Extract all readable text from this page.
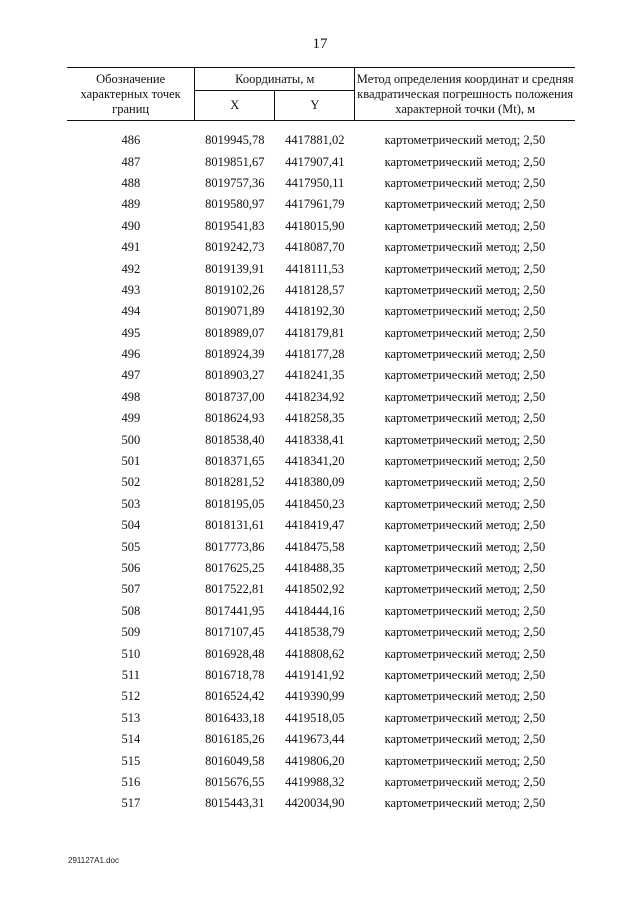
17
Обозначение характерных точек границ	Координаты, м		Метод определения координат и средняя квадратическая погрешность положения характерной точки (Mt), м
	X	Y	

486	8019945,78	4417881,02	картометрический метод; 2,50
487	8019851,67	4417907,41	картометрический метод; 2,50
488	8019757,36	4417950,11	картометрический метод; 2,50
489	8019580,97	4417961,79	картометрический метод; 2,50
490	8019541,83	4418015,90	картометрический метод; 2,50
491	8019242,73	4418087,70	картометрический метод; 2,50
492	8019139,91	4418111,53	картометрический метод; 2,50
493	8019102,26	4418128,57	картометрический метод; 2,50
494	8019071,89	4418192,30	картометрический метод; 2,50
495	8018989,07	4418179,81	картометрический метод; 2,50
496	8018924,39	4418177,28	картометрический метод; 2,50
497	8018903,27	4418241,35	картометрический метод; 2,50
498	8018737,00	4418234,92	картометрический метод; 2,50
499	8018624,93	4418258,35	картометрический метод; 2,50
500	8018538,40	4418338,41	картометрический метод; 2,50
501	8018371,65	4418341,20	картометрический метод; 2,50
502	8018281,52	4418380,09	картометрический метод; 2,50
503	8018195,05	4418450,23	картометрический метод; 2,50
504	8018131,61	4418419,47	картометрический метод; 2,50
505	8017773,86	4418475,58	картометрический метод; 2,50
506	8017625,25	4418488,35	картометрический метод; 2,50
507	8017522,81	4418502,92	картометрический метод; 2,50
508	8017441,95	4418444,16	картометрический метод; 2,50
509	8017107,45	4418538,79	картометрический метод; 2,50
510	8016928,48	4418808,62	картометрический метод; 2,50
511	8016718,78	4419141,92	картометрический метод; 2,50
512	8016524,42	4419390,99	картометрический метод; 2,50
513	8016433,18	4419518,05	картометрический метод; 2,50
514	8016185,26	4419673,44	картометрический метод; 2,50
515	8016049,58	4419806,20	картометрический метод; 2,50
516	8015676,55	4419988,32	картометрический метод; 2,50
517	8015443,31	4420034,90	картометрический метод; 2,50
291127A1.doc
